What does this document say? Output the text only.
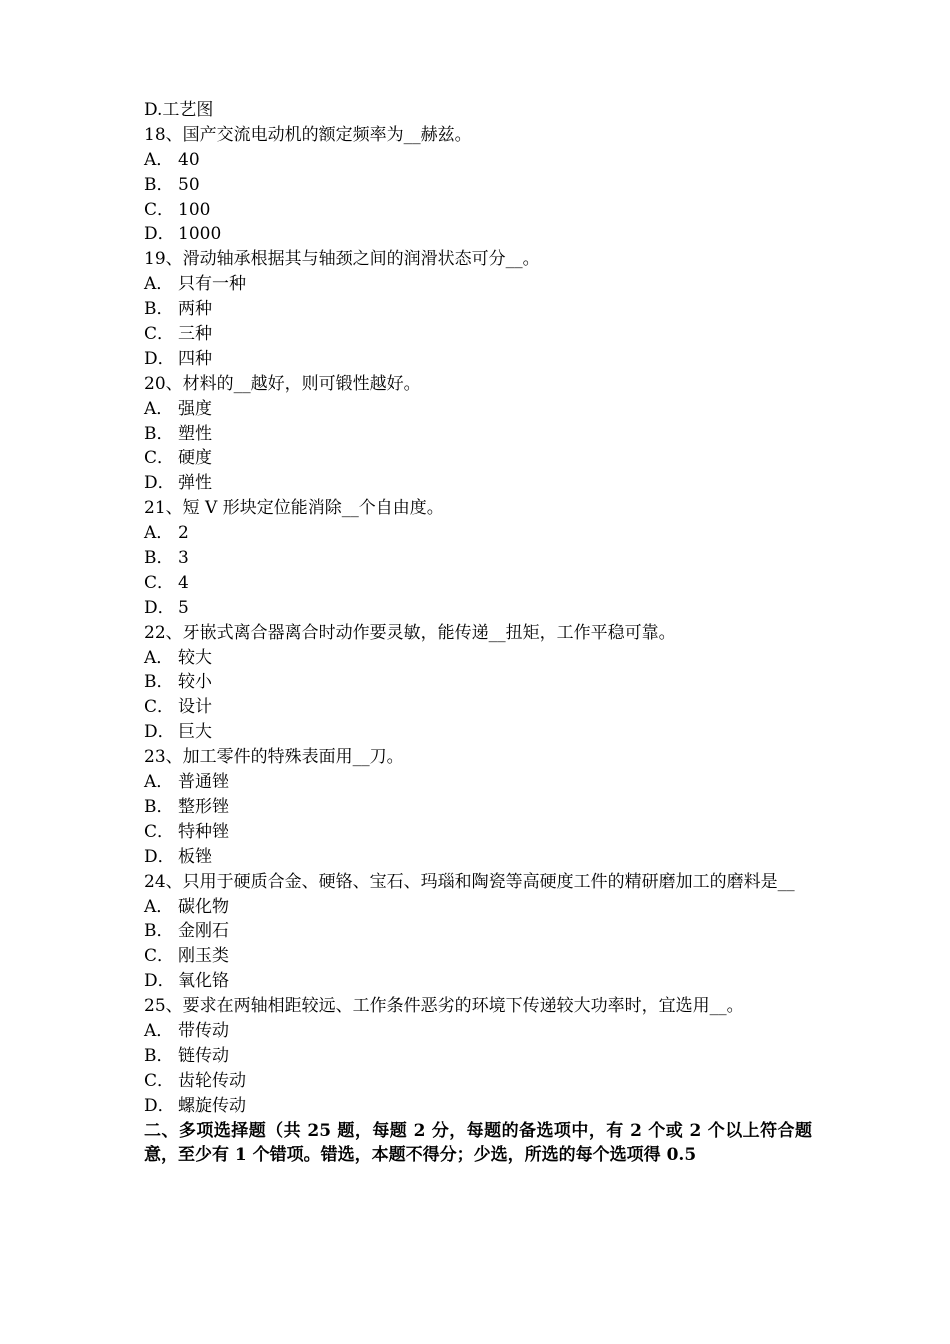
D.工艺图
18、国产交流电动机的额定频率为__赫兹。
A． 40
B． 50
C． 100
D． 1000
19、滑动轴承根据其与轴颈之间的润滑状态可分__。
A． 只有一种
B． 两种
C． 三种
D． 四种
20、材料的__越好，则可锻性越好。
A． 强度
B． 塑性
C． 硬度
D． 弹性
21、短 V 形块定位能消除__个自由度。
A． 2
B． 3
C． 4
D． 5
22、牙嵌式离合器离合时动作要灵敏，能传递__扭矩，工作平稳可靠。
A． 较大
B． 较小
C． 设计
D． 巨大
23、加工零件的特殊表面用__刀。
A． 普通锉
B． 整形锉
C． 特种锉
D． 板锉
24、只用于硬质合金、硬铬、宝石、玛瑙和陶瓷等高硬度工件的精研磨加工的磨料是__
A． 碳化物
B． 金刚石
C． 刚玉类
D． 氧化铬
25、要求在两轴相距较远、工作条件恶劣的环境下传递较大功率时，宜选用__。
A． 带传动
B． 链传动
C． 齿轮传动
D． 螺旋传动
二、多项选择题（共 25 题，每题 2 分，每题的备选项中，有 2 个或 2 个以上符合题意，至少有 1 个错项。错选，本题不得分；少选，所选的每个选项得 0.5
